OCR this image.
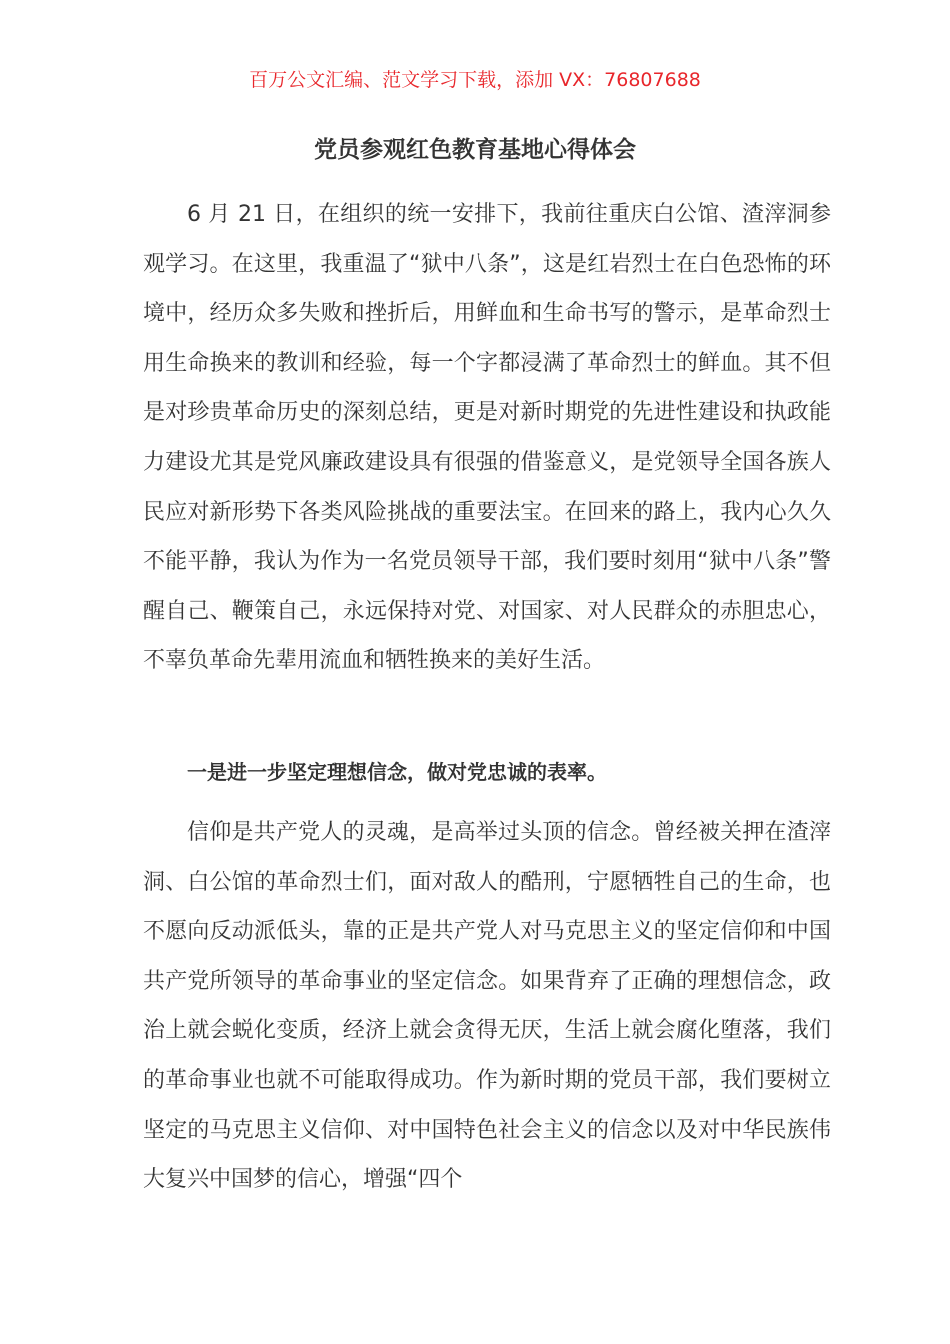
百万公文汇编、范文学习下载，添加 VX：76807688
党员参观红色教育基地心得体会

6 月 21 日，在组织的统一安排下，我前往重庆白公馆、渣滓洞参观学习。在这里，我重温了“狱中八条”，这是红岩烈士在白色恐怖的环境中，经历众多失败和挫折后，用鲜血和生命书写的警示，是革命烈士用生命换来的教训和经验，每一个字都浸满了革命烈士的鲜血。其不但是对珍贵革命历史的深刻总结，更是对新时期党的先进性建设和执政能力建设尤其是党风廉政建设具有很强的借鉴意义，是党领导全国各族人民应对新形势下各类风险挑战的重要法宝。在回来的路上，我内心久久不能平静，我认为作为一名党员领导干部，我们要时刻用“狱中八条”警醒自己、鞭策自己，永远保持对党、对国家、对人民群众的赤胆忠心，不辜负革命先辈用流血和牺牲换来的美好生活。

一是进一步坚定理想信念，做对党忠诚的表率。

信仰是共产党人的灵魂，是高举过头顶的信念。曾经被关押在渣滓洞、白公馆的革命烈士们，面对敌人的酷刑，宁愿牺牲自己的生命，也不愿向反动派低头，靠的正是共产党人对马克思主义的坚定信仰和中国共产党所领导的革命事业的坚定信念。如果背弃了正确的理想信念，政治上就会蜕化变质，经济上就会贪得无厌，生活上就会腐化堕落，我们的革命事业也就不可能取得成功。作为新时期的党员干部，我们要树立坚定的马克思主义信仰、对中国特色社会主义的信念以及对中华民族伟大复兴中国梦的信心，增强“四个
